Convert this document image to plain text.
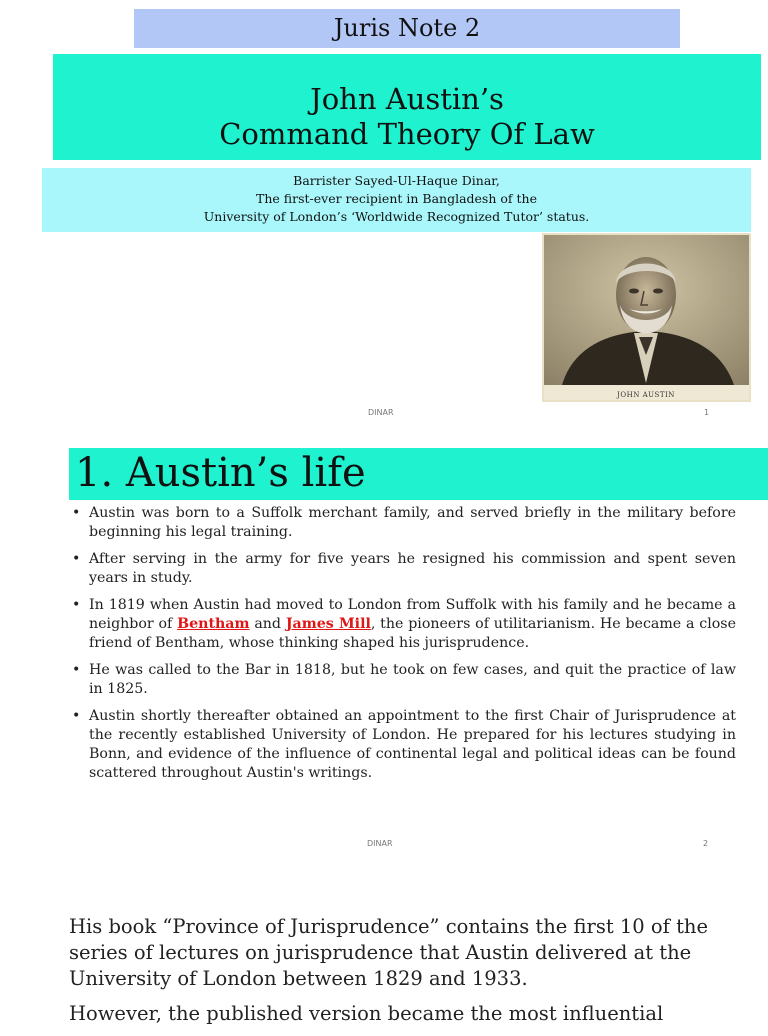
Juris Note 2
John Austin’s
Command Theory Of Law
Barrister Sayed-Ul-Haque Dinar,
The first-ever recipient in Bangladesh of the
University of London’s ‘Worldwide Recognized Tutor’ status.
JOHN AUSTIN
DINAR	1
1. Austin’s life
• Austin was born to a Suffolk merchant family, and served briefly in the military before beginning his legal training.
• After serving in the army for five years he resigned his commission and spent seven years in study.
• In 1819 when Austin had moved to London from Suffolk with his family and he became a neighbor of Bentham and James Mill, the pioneers of utilitarianism. He became a close friend of Bentham, whose thinking shaped his jurisprudence.
• He was called to the Bar in 1818, but he took on few cases, and quit the practice of law in 1825.
• Austin shortly thereafter obtained an appointment to the first Chair of Jurisprudence at the recently established University of London. He prepared for his lectures studying in Bonn, and evidence of the influence of continental legal and political ideas can be found scattered throughout Austin's writings.
DINAR	2

His book “Province of Jurisprudence” contains the first 10 of the series of lectures on jurisprudence that Austin delivered at the University of London between 1829 and 1933.

However, the published version became the most influential
